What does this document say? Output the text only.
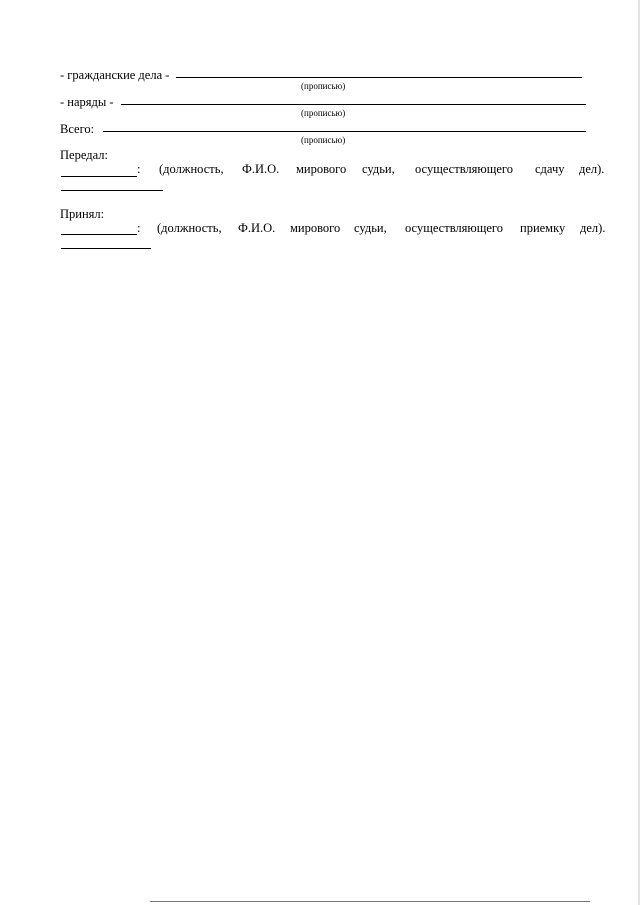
- гражданские дела -
(прописью)
- наряды -
(прописью)
Всего:
(прописью)
Передал:
: (должность, Ф.И.О. мирового судьи, осуществляющего сдачу дел).
Принял:
: (должность, Ф.И.О. мирового судьи, осуществляющего приемку дел).
